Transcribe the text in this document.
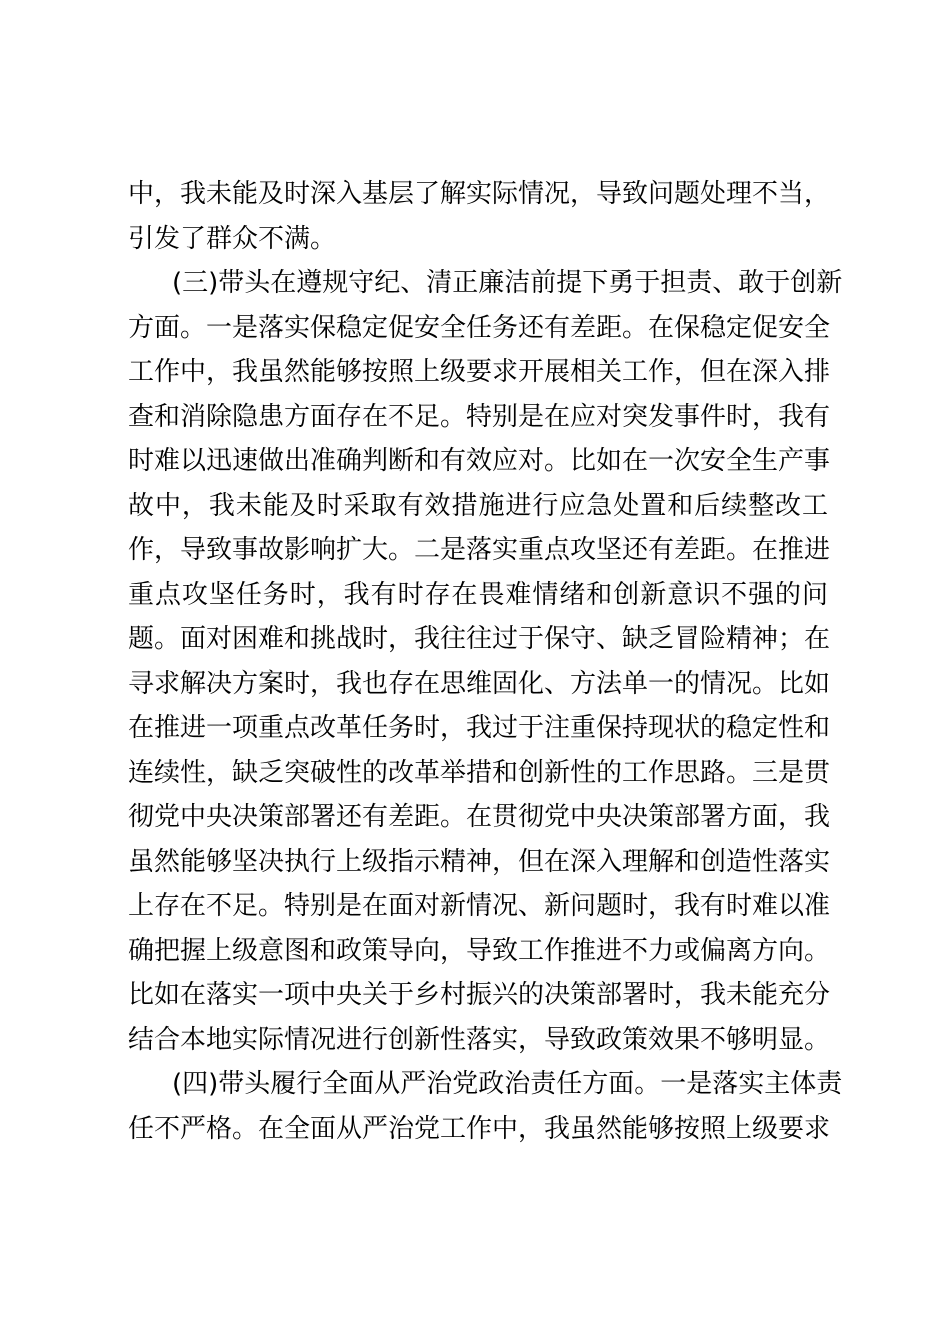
中，我未能及时深入基层了解实际情况，导致问题处理不当，
引发了群众不满。
(三)带头在遵规守纪、清正廉洁前提下勇于担责、敢于创新
方面。一是落实保稳定促安全任务还有差距。在保稳定促安全
工作中，我虽然能够按照上级要求开展相关工作，但在深入排
查和消除隐患方面存在不足。特别是在应对突发事件时，我有
时难以迅速做出准确判断和有效应对。比如在一次安全生产事
故中，我未能及时采取有效措施进行应急处置和后续整改工
作，导致事故影响扩大。二是落实重点攻坚还有差距。在推进
重点攻坚任务时，我有时存在畏难情绪和创新意识不强的问
题。面对困难和挑战时，我往往过于保守、缺乏冒险精神；在
寻求解决方案时，我也存在思维固化、方法单一的情况。比如
在推进一项重点改革任务时，我过于注重保持现状的稳定性和
连续性，缺乏突破性的改革举措和创新性的工作思路。三是贯
彻党中央决策部署还有差距。在贯彻党中央决策部署方面，我
虽然能够坚决执行上级指示精神，但在深入理解和创造性落实
上存在不足。特别是在面对新情况、新问题时，我有时难以准
确把握上级意图和政策导向，导致工作推进不力或偏离方向。
比如在落实一项中央关于乡村振兴的决策部署时，我未能充分
结合本地实际情况进行创新性落实，导致政策效果不够明显。
(四)带头履行全面从严治党政治责任方面。一是落实主体责
任不严格。在全面从严治党工作中，我虽然能够按照上级要求
